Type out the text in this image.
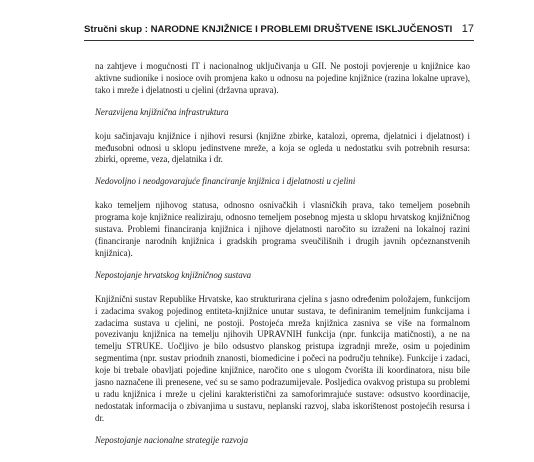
Stručni skup : NARODNE KNJIŽNICE I PROBLEMI DRUŠTVENE ISKLJUČENOSTI 17

na zahtjeve i mogućnosti IT i nacionalnog uključivanja u GII. Ne postoji povjerenje u knjižnice kao aktivne sudionike i nosioce ovih promjena kako u odnosu na pojedine knjižnice (razina lokalne uprave), tako i mreže i djelatnosti u cjelini (državna uprava).

Nerazvijena knjižnična infrastruktura

koju sačinjavaju knjižnice i njihovi resursi (knjižne zbirke, katalozi, oprema, djelatnici i djelatnost) i međusobni odnosi u sklopu jedinstvene mreže, a koja se ogleda u nedostatku svih potrebnih resursa: zbirki, opreme, veza, djelatnika i dr.

Nedovoljno i neodgovarajuće financiranje knjižnica i djelatnosti u cjelini

kako temeljem njihovog statusa, odnosno osnivačkih i vlasničkih prava, tako temeljem posebnih programa koje knjižnice realiziraju, odnosno temeljem posebnog mjesta u sklopu hrvatskog knjižničnog sustava. Problemi financiranja knjižnica i njihove djelatnosti naročito su izraženi na lokalnoj razini (financiranje narodnih knjižnica i gradskih programa sveučilišnih i drugih javnih općeznanstvenih knjižnica).

Nepostojanje hrvatskog knjižničnog sustava

Knjižnični sustav Republike Hrvatske, kao strukturirana cjelina s jasno određenim položajem, funkcijom i zadacima svakog pojedinog entiteta-knjižnice unutar sustava, te definiranim temeljnim funkcijama i zadacima sustava u cjelini, ne postoji. Postojeća mreža knjižnica zasniva se više na formalnom povezivanju knjižnica na temelju njihovih UPRAVNIH funkcija (npr. funkcija matičnosti), a ne na temelju STRUKE. Uočljivo je bilo odsustvo planskog pristupa izgradnji mreže, osim u pojedinim segmentima (npr. sustav priodnih znanosti, biomedicine i počeci na području tehnike). Funkcije i zadaci, koje bi trebale obavljati pojedine knjižnice, naročito one s ulogom čvorišta ili koordinatora, nisu bile jasno naznačene ili prenesene, već su se samo podrazumijevale. Posljedica ovakvog pristupa su problemi u radu knjižnica i mreže u cjelini karakteristični za samoforimrajuće sustave: odsustvo koordinacije, nedostatak informacija o zbivanjima u sustavu, neplanski razvoj, slaba iskorištenost postojećih resursa i dr.

Nepostojanje nacionalne strategije razvoja
